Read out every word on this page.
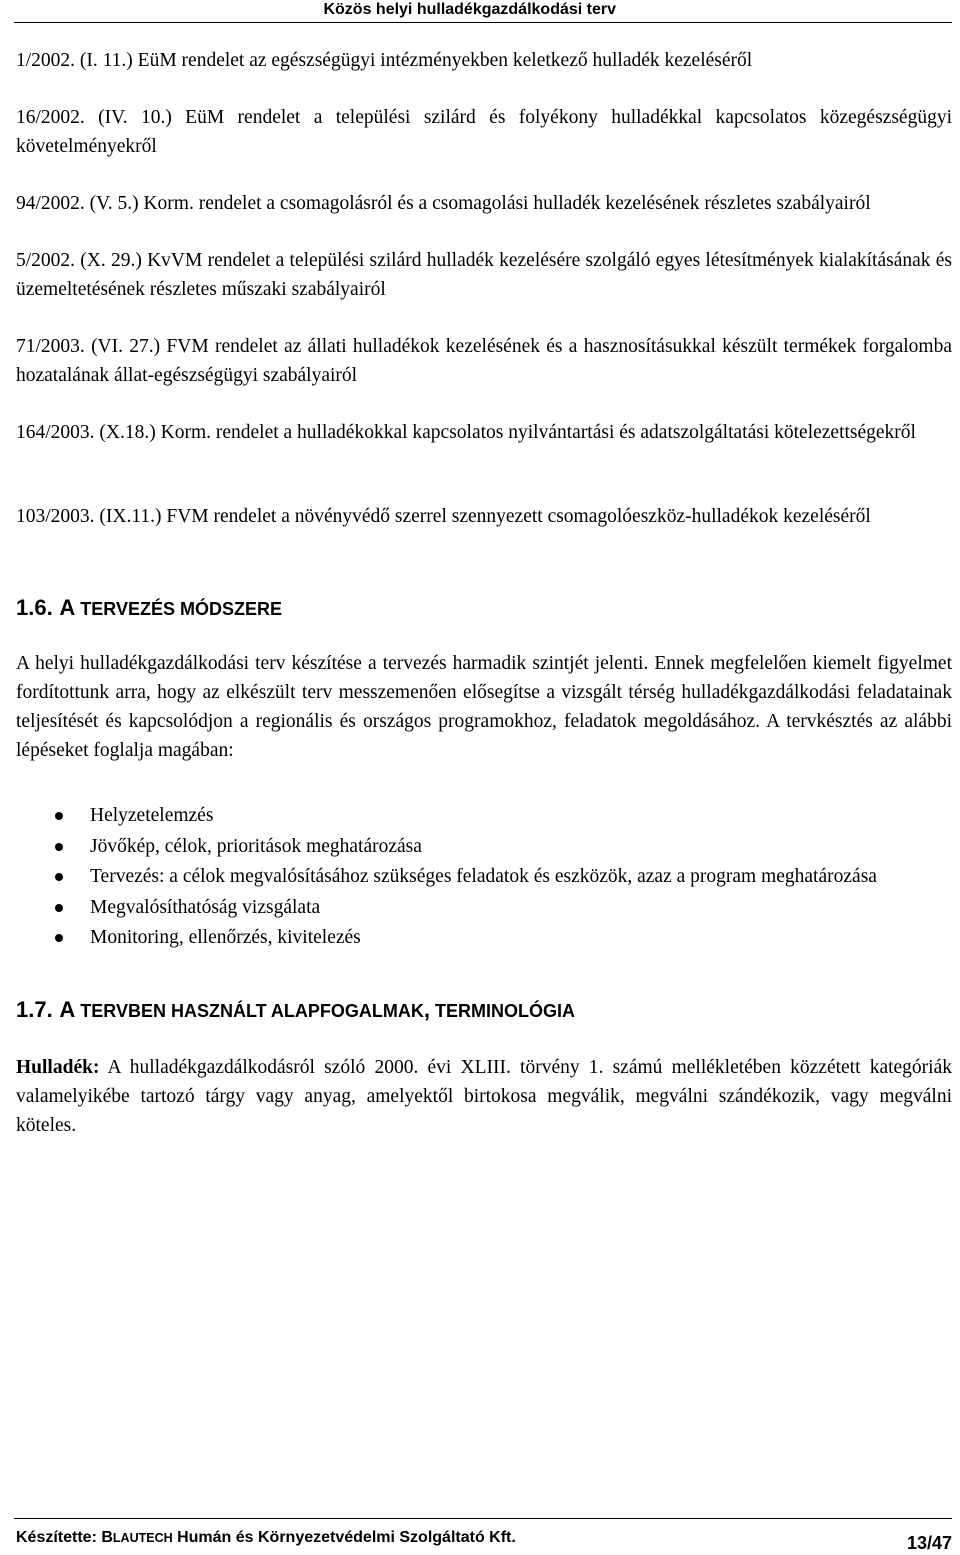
Közös helyi hulladékgazdálkodási terv

1/2002. (I. 11.) EüM rendelet az egészségügyi intézményekben keletkező hulladék kezeléséről

16/2002. (IV. 10.) EüM rendelet a települési szilárd és folyékony hulladékkal kapcsolatos közegészségügyi követelményekről

94/2002. (V. 5.) Korm. rendelet a csomagolásról és a csomagolási hulladék kezelésének részletes szabályairól

5/2002. (X. 29.) KvVM rendelet a települési szilárd hulladék kezelésére szolgáló egyes létesítmények kialakításának és üzemeltetésének részletes műszaki szabályairól

71/2003. (VI. 27.) FVM rendelet az állati hulladékok kezelésének és a hasznosításukkal készült termékek forgalomba hozatalának állat-egészségügyi szabályairól

164/2003. (X.18.) Korm. rendelet a hulladékokkal kapcsolatos nyilvántartási és adatszolgáltatási kötelezettségekről

103/2003. (IX.11.) FVM rendelet a növényvédő szerrel szennyezett csomagolóeszköz-hulladékok kezeléséről

1.6. A TERVEZÉS MÓDSZERE

A helyi hulladékgazdálkodási terv készítése a tervezés harmadik szintjét jelenti. Ennek megfelelően kiemelt figyelmet fordítottunk arra, hogy az elkészült terv messzemenően elősegítse a vizsgált térség hulladékgazdálkodási feladatainak teljesítését és kapcsolódjon a regionális és országos programokhoz, feladatok megoldásához. A tervkésztés az alábbi lépéseket foglalja magában:

Helyzetelemzés
Jövőkép, célok, prioritások meghatározása
Tervezés: a célok megvalósításához szükséges feladatok és eszközök, azaz a program meghatározása
Megvalósíthatóság vizsgálata
Monitoring, ellenőrzés, kivitelezés
1.7. A TERVBEN HASZNÁLT ALAPFOGALMAK, TERMINOLÓGIA

Hulladék: A hulladékgazdálkodásról szóló 2000. évi XLIII. törvény 1. számú mellékletében közzétett kategóriák valamelyikébe tartozó tárgy vagy anyag, amelyektől birtokosa megválik, megválni szándékozik, vagy megválni köteles.

Készítette: BLAUTECH Humán és Környezetvédelmi Szolgáltató Kft.	13/47
